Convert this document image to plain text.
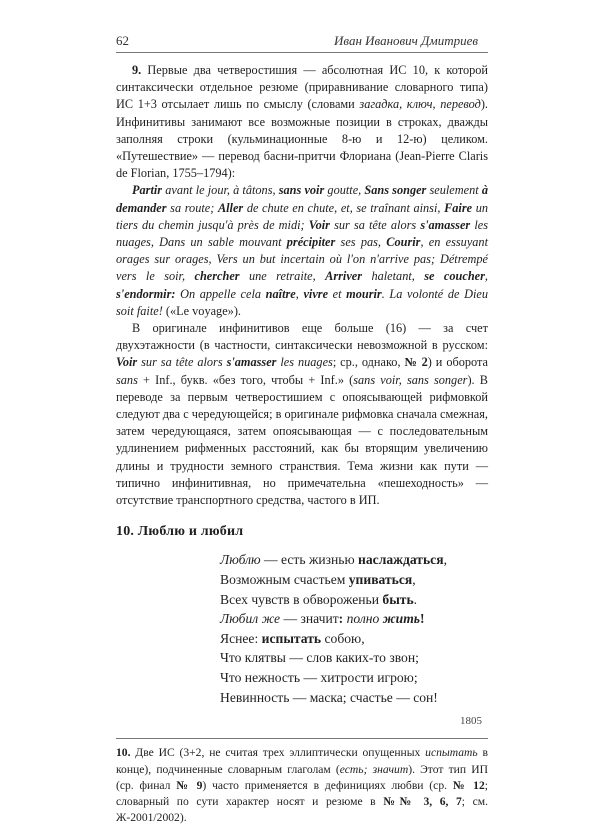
62	Иван Иванович Дмитриев

9. Первые два четверостишия — абсолютная ИС 10, к которой синтаксически отдельное резюме (приравнивание словарного типа) ИС 1+3 отсылает лишь по смыслу (словами загадка, ключ, перевод). Инфинитивы занимают все возможные позиции в строках, дважды заполняя строки (кульминационные 8-ю и 12-ю) целиком. «Путешествие» — перевод басни-притчи Флориана (Jean-Pierre Claris de Florian, 1755–1794):

Partir avant le jour, à tâtons, sans voir goutte, Sans songer seulement à demander sa route; Aller de chute en chute, et, se traînant ainsi, Faire un tiers du chemin jusqu'à près de midi; Voir sur sa tête alors s'amasser les nuages, Dans un sable mouvant précipiter ses pas, Courir, en essuyant orages sur orages, Vers un but incertain où l'on n'arrive pas; Détrempé vers le soir, chercher une retraite, Arriver haletant, se coucher, s'endormir: On appelle cela naître, vivre et mourir. La volonté de Dieu soit faite! («Le voyage»).

В оригинале инфинитивов еще больше (16) — за счет двухэтажности (в частности, синтаксически невозможной в русском: Voir sur sa tête alors s'amasser les nuages; ср., однако, № 2) и оборота sans + Inf., букв. «без того, чтобы + Inf.» (sans voir, sans songer). В переводе за первым четверостишием с опоясывающей рифмовкой следуют два с чередующейся; в оригинале рифмовка сначала смежная, затем чередующаяся, затем опоясывающая — с последовательным удлинением рифменных расстояний, как бы вторящим увеличению длины и трудности земного странствия. Тема жизни как пути — типично инфинитивная, но примечательна «пешеходность» — отсутствие транспортного средства, частого в ИП.

10. Люблю и любил
Люблю — есть жизнью наслаждаться,
Возможным счастьем упиваться,
Всех чувств в обвороженьи быть.
Любил же — значит: полно жить!
Яснее: испытать собою,
Что клятвы — слов каких-то звон;
Что нежность — хитрости игрою;
Невинность — маска; счастье — сон!
1805

10. Две ИС (3+2, не считая трех эллиптически опущенных испытать в конце), подчиненные словарным глаголам (есть; значит). Этот тип ИП (ср. финал № 9) часто применяется в дефинициях любви (ср. № 12; словарный по сути характер носят и резюме в №№ 3, 6, 7; см. Ж-2001/2002).
